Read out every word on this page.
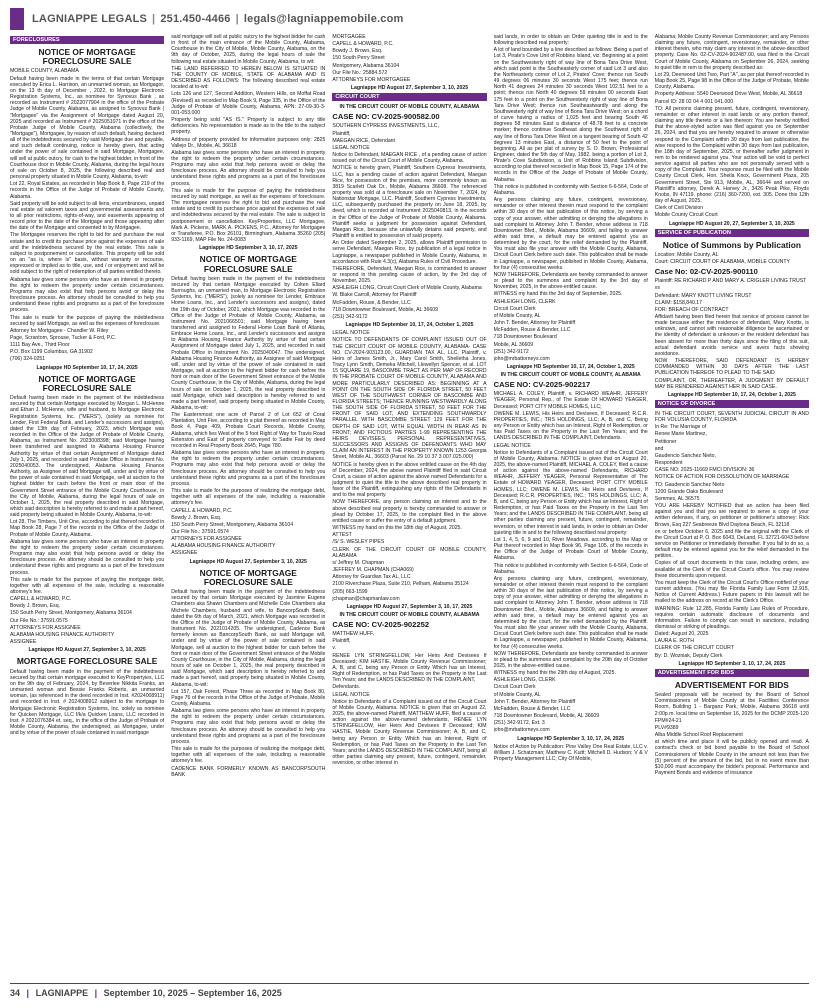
LAGNIAPPE LEGALS | 251.450-4466 | legals@lagniappemobile.com
FORECLOSURES
NOTICE OF MORTGAGE FORECLOSURE SALE

MOBILE COUNTY, ALABAMA

Default having been made in the terms of that certain Mortgage executed by Erica L. Harrison, an unmarried woman, as Mortgagor, on the 13 th day of December , 2022, to Mortgage Electronic Registration Systems, Inc., as nominee for Synovus Bank , as recorded as Instrument # 2022077904 in the office of the Probate Judge of Mobile County, Alabama, as assigned to Synovus Bank ( "Mortgagee" via the Assignment of Mortgage dated August 20, 2025 and recorded as Instrument # 2025051071 in the office of the Probate Judge of Mobile County, Alabama (collectively, the "Mortgage"), Mortgagee, by reason of such default, having declared all of the indebtedness secured by said Mortgage due and payable, and such default continuing, notice is hereby given, that acting under the power of sale contained in said Mortgage, Mortgagee, will sell at public outcry, for cash to the highest bidder, in front of the Courthouse door in Mobile County, Alabama, during the legal hours of sale on October 8, 2025, the following described real and personal property situated in Mobile County, Alabama, to-wit:

Lot 22, Royal Estates, as recorded in Map Book 8, Page 219 of the records in the Office of the Judge of Probate of Mobile County, Alabama.

Said property will be sold subject to all liens, encumbrances, unpaid real estate ad valorem taxes and governmental assessments and to all prior restrictions, rights-of-way, and easements appearing of record prior to the date of the Mortgage and those appearing after the date of the Mortgage and consented to by Mortgagee.

The Mortgagee reserves the right to bid for and purchase the real estate and to credit its purchase price against the expenses of sale and the indebtedness secured by the real estate. This sale is subject to postponement or cancellation. This property will be sold on an "as is, where is" basis, without warranty or recourse, expressed or implied as to title, use, and / or enjoyment and will be sold subject to the right of redemption of all parties entitled thereto.

Alabama law gives some persons who have an interest in property the right to redeem the property under certain circumstances. Programs may also exist that help persons avoid or delay the foreclosure process. An attorney should be consulted to help you understand these rights and programs as a part of the foreclosure process.

This sale is made for the purpose of paying the indebtedness secured by said Mortgage, as well as the expenses of foreclosure.

Attorney for Mortgagee - Chandler W. Riley

Page, Scrantom, Sprouse, Tucker & Ford, P.C.

1111 Bay Ave., Third Floor

P.O. Box 1199 Columbus, GA 31902

(706) 324-0251

Lagniappe HD September 10, 17, 24, 2025
NOTICE OF MORTGAGE FORECLOSURE SALE

Default having been made in the payment of the indebtedness secured by that certain Mortgage executed by Morgan L. McHenne and Ethan J. McHenne, wife and husband, to Mortgage Electronic Registration Systems, Inc. ("MERS"), (solely as nominee for Lender, First Federal Bank, and Lender's successors and assigns), dated the 13th day of February, 2023, which Mortgage was recorded in the Office of the Judge of Probate of Mobile County, Alabama, as Instrument No. 2023008398; said Mortgage having been transferred and assigned to Alabama Housing Finance Authority by virtue of that certain Assignment of Mortgage dated July 1, 2025, and recorded in said Probate Office in Instrument No. 2025040053. The undersigned, Alabama Housing Finance Authority, as Assignee of said Mortgage will, under and by virtue of the power of sale contained in said Mortgage, sell at auction to the highest bidder for cash before the front or main door of the Government Street entrance of the Mobile County Courthouse, in the City of Mobile, Alabama, during the legal hours of sale on October 1, 2025, the real property described in said Mortgage, which said description is hereby referred to and made a part hereof, said property being situated in Mobile County, Alabama, to-wit:

Lot 28, The Timbers, Unit One, according to plat thereof recorded in Map Book 28, Page 7 of the records in the Office of the Judge of Probate of Mobile County, Alabama.

Alabama law gives some persons who have an interest in property the right to redeem the property under certain circumstances. Programs may also exist that help persons avoid or delay the foreclosure process. An attorney should be consulted to help you understand these rights and programs as a part of the foreclosure process.

This sale is made for the purpose of paying the mortgage debt, together with all expenses of the sale, including a reasonable attorney's fee.

CAPELL & HOWARD, P.C.

Bowdy J. Brown, Esq.

150 South Perry Street, Montgomery, Alabama 36104

Our File No.: 37591.0575

ATTORNEYS FOR ASSIGNEE

ALABAMA HOUSING FINANCE AUTHORITY

ASSIGNEE

Lagniappe HD August 27, September 3, 10, 2025
MORTGAGE FORECLOSURE SALE

Default having been made in the payment of the indebtedness secured by that certain mortgage executed to KeyPropertyies, LLC on the 9th day of February, 2024, by Beverlee Nikkita Franks, an unmarried woman and Bessie Franks Roberts, an unmarried woman, (as referenced in the deed recorded in Inst. #2024008911) and recorded in Inst. # 2024008912 subject to the mortgage to Mortgage Electronic Registration Systems, Inc. solely as nominee for Quicken Mortgage, LLC f/k/a Quicken Loans, LLC recorded in Inst. # 2021076384 et. seq., in the office of the Judge of Probate of Mobile County, Alabama, the undersigned, as Mortgagee, under and by virtue of the power of sale contained in said mortgage

said mortgage will sell at public outcry to the highest bidder for cash in front of the main entrance of the Mobile County, Alabama, Courthouse in the City of Mobile, Mobile County, Alabama, on the 9th day of October, 2025, during the legal hours of sale the following real estate situated in Mobile County, Alabama, to wit:

THE LAND REFERRED TO HEREIN BELOW IS SITUATED IN THE COUNTY OF MOBILE, STATE OF ALABAMA AND IS DESCRIBED AS FOLLOWS: The following described real estate located at to-wit:

Lots 126 and 127, Second Addition, Western Hills, on Moffat Road (Revised) as recorded in Map Book 9, Page 335, in the Office of the Judge of Probate of Mobile County, Alabama. APN: 27-09-30-3-001-053.000

Property being sold "AS IS." Property is subject to any title deficiencies. No representation is made as to the title to the subject property.

Address of property provided for information purposes only: 2825 Vallejo Dr., Mobile, AL 36618

Alabama law gives some persons who have an interest in property the right to redeem the property under certain circumstances. Programs may also exist that help persons avoid or delay the foreclosure process. An attorney should be consulted to help you understand these rights and programs as a part of the foreclosure process.

This sale is made for the purpose of paying the indebtedness secured by said mortgage, as well as the expenses of foreclosure. The mortgagee reserves the right to bid and purchase the real estate and to credit its purchase price against the expenses of sale and indebtedness secured by the real estate. The sale is subject to postponement or cancellation. KeyProperties, LLC Mortgagee, Mark A. Pickens, MARK A. PICKENS, P.C., Attorney for Mortgagee or Transferee, P.O. Box 26101, Birmingham, Alabama 35260 (205) 933-1169, MAP File No. 24-0083

Lagniappe HD September 3, 10, 17, 2025
NOTICE OF MORTGAGE FORECLOSURE SALE

Default having been made in the payment of the indebtedness secured by that certain Mortgage executed by Colten Ellard Burroughs, an unmarried man, to Mortgage Electronic Registration Systems, Inc. ("MERS"), (solely as nominee for Lender, Embrace Home Loans, Inc., and Lender's successors and assigns), dated the 19th day of October, 2021, which Mortgage was recorded in the Office of the Judge of Probate of Mobile County, Alabama, as Instrument No. 2021066501; said Mortgage having been transferred and assigned to Federal Home Loan Bank of Atlanta, Embrace Home Loans, Inc., and Lender's successors and assigns to Alabama Housing Finance Authority by virtue of that certain Assignment of Mortgage dated July 1, 2025, and recorded in said Probate Office in Instrument No. 2025040047. The undersigned, Alabama Housing Finance Authority, as Assignee of said Mortgage will, under and by virtue of the power of sale contained in said Mortgage, sell at auction to the highest bidder for cash before the front or main door of the Government Street entrance of the Mobile County Courthouse, in the City of Mobile, Alabama, during the legal hours of sale on October 1, 2025, the real property described in said Mortgage, which said description is hereby referred to and made a part hereof, said property being situated in Mobile County, Alabama, to-wit:

The Easternmost one acre of Parcel 2 of Lot 652 of Coral Plantation, Unit Five, according to a plat thereof as recorded in Map Book 4, Page 409, Probate Court Records, Mobile County, Alabama, which lies West of the 5 foot Right of Way for Travis Road Extension and East of property conveyed to Sadie Fair by deed recorded in Real Property Book 2645, Page 780.

Alabama law gives some persons who have an interest in property the right to redeem the property under certain circumstances. Programs may also exist that help persons avoid or delay the foreclosure process. An attorney should be consulted to help you understand these rights and programs as a part of the foreclosure process.

This sale is made for the purposes of realizing the mortgage debt, together with all expenses of the sale, including a reasonable attorney's fee.

CAPELL & HOWARD, P.C.

Bowdy J. Brown, Esq.

150 South Perry Street, Montgomery, Alabama 36104

Our File No.: 37591.0574

ATTORNEYS FOR ASSIGNEE

ALABAMA HOUSING FINANCE AUTHORITY

ASSIGNEE

Lagniappe HD August 27, September 3, 10, 2025
NOTICE OF MORTGAGE FORECLOSURE SALE

Default having been made in the payment of the indebtedness secured by that certain Mortgage executed by Jasmine Eugene Chambers aka Shawn Chambers and Michelle Cole Chambers aka Michele Chambers, husband and wife, to BancorpSouth Bank, dated the 6th day of March, 2021, which Mortgage was recorded in the Office of the Judge of Probate of Mobile County, Alabama, as Instrument No. 2021014205. The undersigned, Cadence Bank formerly known as BancorpSouth Bank, as said Mortgage will, under and by virtue of the power of sale contained in said Mortgage, sell at auction to the highest bidder for cash before the front or main door of the Government Street entrance of the Mobile County Courthouse, in the City of Mobile, Alabama, during the legal hours of sale on October 1, 2025, the real property described in said Mortgage, which said description is hereby referred to and made a part hereof, said property being situated in Mobile County, Alabama, to-wit:

Lot 157, Oak Forest, Phase Three as recorded in Map Book 80, Page 76 of the records in the Office of the Judge of Probate, Mobile County, Alabama.

Alabama law gives some persons who have an interest in property the right to redeem the property under certain circumstances. Programs may also exist that help persons avoid or delay the foreclosure process. An attorney should be consulted to help you understand these rights and programs as a part of the foreclosure process.

This sale is made for the purposes of realizing the mortgage debt, together with all expenses of the sale, including a reasonable attorney's fee.

CADENCE BANK FORMERLY KNOWN AS BANCORPSOUTH BANK

MORTGAGEE

CAPELL & HOWARD, P.C.

Bowdy J. Brown, Esq.

150 South Perry Street

Montgomery, Alabama 36104

Our File No.: 25884.572

ATTORNEYS FOR MORTGAGEE

Lagniappe HD August 27, September 3, 10, 2025
CIRCUIT COURT
IN THE CIRCUIT COURT OF MOBILE COUNTY, ALABAMA
CASE NO: CV-2025-900582.00

SOUTHERN CYPRESS INVESTMENTS, LLC,

Plaintiff,

MAEGAN RICE, Defendant

LEGAL NOTICE

Notice to Defendant, MAEGAN RICE , of a pending cause of action issued out of the Circuit Court of Mobile County, Alabama.

NOTICE is hereby given, Plaintiff, Southern Cypress Investments, LLC, has a pending cause of action against Defendant, Maegan Rice, for possession of the premises, more commonly known as 3819 Scarlett Oak Dr., Mobile, Alabama 36608. The referenced property was sold at a foreclosure sale on November 7, 2024, by Nationstar Mortgage, LLC. Plaintiff, Southern Cypress Investments, LLC, subsequently purchased the property on June 18, 2025, by deed, which is recorded at Instrument 2025040813, in the records in the Office of the Judge of Probate of Mobile County, Alabama. Plaintiff seeks a judgment for possession against Defendant, Maegan Rice, because she unlawfully detains said property, and Plaintiff is entitled to possession of said property.

An Order dated September 2, 2025, allows Plaintiff permission to serve Defendant, Maegan Rice, by publication of a legal notice in Lagniappe, a newspaper published in Mobile County, Alabama, in accordance with Rule 4.3(c), Alabama Rules of Civil Procedure.

THEREFORE, Defendant, Maegan Rice, is commanded to answer or respond in this pending cause of action, by the 3rd day of November, 2025.

ASHLEIGH LONG, Circuit Court Clerk of Mobile County, Alabama

W. Blake Carroll, Attorney for Plaintiff

McFadden, Rouse, & Bender, LLC

718 Downtowner Boulevard, Mobile, AL 36609

(251) 342-9172

Lagniappe HD September 10, 17, 24, October 1, 2025

LEGAL NOTICE

NOTICE TO DEFENDANTS OF COMPLAINT ISSUED OUT OF THE CIRCUIT COURT OF MOBILE COUNTY, ALABAMA- CASE NO. CV-2024-903123.00, GUARDIAN TAX AL, LLC, Plaintiff, v. Heirs of James Smith, Jr., Mary Carol Smith, Shelletha Jones, Tracy Lynn Smith, Demeka Mitchell, Llewellyn Spencer, et al. LOT 15 SQUARE 19, BASCOMBE TRACT AS PER MAP OF RECORD IN THE PROBATE COURT OF MOBILE COUNTY, ALABAMA AND MORE PARTICULARLY DESCRIBED AS: BEGINNING AT A POINT ON THE SOUTH SIDE OF FLORIDA STREET, 50 FEET WEST OF THE SOUTHWEST CORNER OF BASCOMBE AND FLORIDA STREETS; THENCE RUNNING WESTWARDLY ALONG THE SOUTH SIDE OF FLORIDA STREET, 50 FEET FOR THE FRONT OF SAID LOT, AND EXTENDING SOUTHWARDLY PARALLEL WITH BASCOMBE STREET 129 FEET FOR THE DEPTH OF SAID LOT, WITH EQUAL WIDTH IN REAR AS IN FRONT; AND FICTIOUS PARTIES 1-99 REPRESENTING THE HEIRS DEVISEES, PERSONAL REPRESENTATIVES, SUCCESSORS AND ASSIGNS OF DEFENDANTS WHO MAY CLAIM AN INTEREST IN THE PROPERTY KNOWN 1253 Georgia Street, Mobile AL, 36603 (Parcel No. 29 10 37 3 007.025.000)

NOTICE is hereby given in the above entitled cause on the 4th day of December, 2024, the above named Plaintiff filed in said Circuit Court, a cause of action against the above named Defendants for a judgment to quiet the title to the above described real property in favor of the Plaintiff, extinguishing any rights of the Defendants in and to the real property.

NOW THEREFORE, any person claiming an interest and to the above described real property is hereby commanded to answer or plead by October 17, 2025, to the complaint filed in the above entitled cause or suffer the entry of a default judgment.

WITNESS my hand on this the 18th day of August, 2025.

ATTEST

/S/ S. WESLEY PIPES

CLERK OF THE CIRCUIT COURT OF MOBILE COUNTY, ALABAMA

s/ Jeffrey M. Chapman

JEFFREY M. CHAPMAN (CHA069)

Attorney for Guardian Tax AL, LLC

2100 Riverchase Plaza, Suite 210, Pelham, Alabama 35124

(205) 663-1599

jchapman@chapmanlaw.com

Lagniappe HD August 27, September 3, 10, 17, 2025
IN THE CIRCUIT COURT OF MOBILE COUNTY, ALABAMA
CASE NO: CV-2025-902252

MATTHEW HUFF,

Plaintiff,

v.

RENEE LYN STRINGFELLOW, Her Heirs And Devisees If Deceased; KIM HASTIE, Mobile County Revenue Commissioner; A, B, and C, being any Person or Entity Which has an Interest, Right of Redemption, or has Paid Taxes on the Property in the Last Ten Years; and the LANDS DESCRIBED IN THE COMPLAINT,

Defendants.

LEGAL NOTICE

Notice to Defendants of a Complaint issued out of the Circuit Court of Mobile County, Alabama. NOTICE is given that on August 22, 2025, the above-named Plaintiff, MATTHEW HUFF, filed a cause of action against the above-named defendants, RENEE LYN STRINGFELLOW, Her Heirs And Devisees If Deceased; KIM HASTIE, Mobile County Revenue Commissioner; A, B, and C, being any Person or Entity Which has an Interest, Right of Redemption, or has Paid Taxes on the Property in the Last Ten Years; and the LANDS DESCRIBED IN THE COMPLAINT, being all other parties claiming any present, future, contingent, remainder, reversion, or other interest in

said lands, in order to obtain an Order quieting title in and to the following described real property:

A lot of land bounded by a line described as follows: Being a part of Lot 3, Pirate's Cove Unit of Robbins Island, viz: Beginning at a point on the Southwesterly right of way line of Bona Tara Drive West, which said point is the Southeasterly corner of said Lot 3 and also the Northeasterly corner of Lot 2, Pirates' Cove; thence run South 49 degrees 06 minutes 30 seconds West 175 feet; thence run North 41 degrees 24 minutes 30 seconds West 102.51 feet to a point; thence run North 40 degrees 59 minutes 00 seconds East 175 feet to a point on the Southwesterly right of way line of Bona Tara Drive West; thence run Southeastwardly and along the Southwesterly right of way line of Bona Tara Drive West; on a chord of curve having a radius of 1,025 feet and bearing South 46 degrees 58 minutes East a distance of 48.78 feet to a concrete marker; thence continue Southeast along the Southwest right of way line of Bona Tara Drive West on a tangent bearing of South 42 degrees 13 minutes East, a distance of 50 feet to the point of beginning. All as per plat of survey by S. O. Brown, Professional Engineer, dated the 5th day of May, 1982, being a portion of Lot 3, Pirate's Cove Subdivision, a Unit of Robbins Island Subdivision, according to plat thereof recorded in Map Book 15, Page 174 of the records in the Office of the Judge of Probate of Mobile County, Alabama.

This notice is published in conformity with Section 6-6-564, Code of Alabama.

Any persons claiming any future, contingent, reversionary, remainder or other interest therein must respond to the complaint within 30 days of the last publication of this notice, by serving a copy of your answer, either admitting or denying the allegations in said complaint to Attorney John T. Bender, whose address is 718 Downtowner Blvd., Mobile, Alabama 36609, and failing to answer within said time, a default may be entered against you as determined by the court, for the relief demanded by the Plaintiff. You must also file your answer with the Mobile County, Alabama, Circuit Court Clerk before such date. This publication shall be made in Lagniappe, a newspaper, published in Mobile County, Alabama, for four (4) consecutive weeks.

NOW THEREFORE, Defendants are hereby commanded to answer or plead to the summons and complaint by the 3rd day of November, 2025, in the above-entitled cause.

WITNESS my hand this the 3rd day of September, 2025.

ASHLEIGH LONG, CLERK

Circuit Court Clerk

of Mobile County, AL

John T. Bender, Attorney for Plaintiff

McFadden, Rouse & Bender, LLC

718 Downtowner Boulevard

Mobile, AL 36609

(251) 342-9172

john@mrbattorneys.com

Lagniappe HD September 10, 17, 24, October 1, 2025
IN THE CIRCUIT COURT OF MOBILE COUNTY, ALABAMA
CASE NO: CV-2025-902217

MICHAEL A. COLEY, Plaintiff, v. RICHARD WEAHR, JEFFERY YEAGER, Personal Rep., of The Estate Of HOWARD YEAGER, Deceased; PORT CITY MOBILE HOMES, LLC;

OWENE M. LEWIS, His Heirs and Devisees, If Deceased; R.C.R. PROPERTIES, INC.; TRS HOLDINGS, LLC; A, B, and C, Being any Person or Entity which has an Interest, Right of Redemption, or has Paid Taxes on the Property in the Last Ten Years; and the LANDS DESCRIBED IN THE COMPLAINT, Defendants.

LEGAL NOTICE

Notice to Defendants of a Complaint issued out of the Circuit Court of Mobile County, Alabama. NOTICE is given that on August 20, 2025, the above-named Plaintiff, MICHAEL A. COLEY, filed a cause of action against the above-named Defendants, RICHARD WEAHR, JEFFERY YEAGER, Personal Representative of The Estate of HOWARD YEAGER, Deceased; PORT CITY MOBILE HOMES, LLC; OWENE M. LEWIS, His Heirs and Devisees, If Deceased; R.C.R. PROPERTIES, INC.; TRS HOLDINGS, LLC; A, B, and C, being any Person or Entity which has an Interest, Right of Redemption, or has Paid Taxes on the Property in the Last Ten Years; and the LANDS DESCRIBED IN THE COMPLAINT, being all other parties claiming any present, future, contingent, remainder, reversion, or other interest in said lands, in order to obtain an Order quieting title in and to the following described real property:

Lot 1, 4, 5, 6, 9 and 10, River Meadows, according to the Map or Plat thereof recorded in Map Book 96, Page 105, of the records in the Office of the Judge of Probate Court of Mobile County, Alabama.

This notice is published in conformity with Section 6-6-564, Code of Alabama.

Any persons claiming any future, contingent, reversionary, remainder or other interest therein must respond to the complaint within 30 days of the last publication of this notice, by serving a copy of your answer, either admitting or denying the allegations in said complaint to Attorney John T. Bender, whose address is 718 Downtowner Blvd., Mobile, Alabama 36609, and failing to answer within said time, a default may be entered against you as determined by the court, for the relief demanded by the Plaintiff. You must also file your answer with the Mobile County, Alabama, Circuit Court Clerk before such date. This publication shall be made in Lagniappe, a newspaper, published in Mobile County, Alabama, for four (4) consecutive weeks.

NOW THEREFORE, Defendants are hereby commanded to answer or plead to the summons and complaint by the 20th day of October 2025, in the above-entitled cause.

WITNESS my hand this the 29th day of August, 2025.

ASHLEIGH LONG, CLERK

Circuit Court Clerk

of Mobile County, AL

John T. Bender, Attorney for Plaintiff

McFadden, Rouse & Bender, LLC

718 Downtowner Boulevard, Mobile, AL 36609

(251) 342-9172, Ext. 3

john@mrbattorneys.com

Lagniappe HD September 3, 10, 17, 24, 2025

Notice of Action by Publication: Pine Valley One Real Estate, LLC v. William J. Schatzman; Matthew C. Kuitt; Mitchell D. Hudson; V & V Property Management LLC; City Of Mobile,

Alabama; Mobile County Revenue Commissioner; and any Persons claiming any future, contingent, reversionary, remainder, or other interest therein, who may claim any interest in the above-described property. Case No. 02-CV-2024-902487.00, was filed in the Circuit Court of Mobile County, Alabama on September 26, 2024, seeking to quiet title in rem to the property described as:

Lot 29, Deerwood Unit Two, Part "A", as per plat thereof recorded in Map Book 25, Page 98 in the Office of the Judge of Probate, Mobile County, Alabama.

Property Address: 5540 Deerwood Drive West, Mobile, AL 36618

Parcel ID: 28 02 04 4 001 041.000

TO: All persons claiming present, future, contingent, reversionary, remainder or other interest in said lands or any portion thereof, claiming any title thereto or a lien thereon: You are hereby notified that the above-styled action was filed against you on September 26, 2024, and that you are hereby required to answer or otherwise respond to the Complaint within 30 days from last publication, the wise respond to the Complaint within 30 days from last publication, the 18th day of September, 2025, or thereafter suffer judgment in rem to be rendered against you. Your action will be void to perfect service against all parties who are not personally served with a copy of the Complaint. Your response must be filed with the Mobile County Circuit Clerk, Hon. Sheila Knox, Government Plaza, 205 Government Street, Ste 913, Mobile, AL, 36644 and served on Plaintiff's attorney, Derek A. Harvey Jr., 3426 Peak Pike, Floyds Knobs, IN 47119, phone: (216) 360-7200, ext. 305. Done this 12th day of August, 2025.

Clerk of Civil Division

Mobile County Circuit Court

Lagniappe HD August 20, 27, September 3, 10, 2025
SERVICE OF PUBLICATION
Notice of Summons by Publication

Location: Mobile County, AL

Court: CIRCUIT COURT OF ALABAMA, MOBILE COUNTY

Case No: 02-CV-2025-900110

Plaintiff: RE RICHARD P AND MARY A. CRIGLER LIVING TRUST

vs

Defendant: MARY KNOTT LIVING TRUST

CLAIM: $158,840.17

FOR: BREACH OF CONTRACT

Affidavit having been filed herein that service of process cannot be made because either the residence of defendant, Mary Knotts, is unknown, and cannot with reasonable diligence be ascertained or the identity of defendant is unknown or the resident defendant has been absent for more than thirty days since the filing of this suit, actual defendant avoids service and avers facts showing avoidance.

NOW THEREFORE, SAID DEFENDANT IS HEREBY COMMANDED WITHIN 30 DAYS AFTER THE LAST PUBLICATION THEREOF TO PLEAD TO THE SAID

COMPLAINT, OR, THEREAFTER, A JUDGMENT BY DEFAULT MAY BE RENDERED AGAINST HER IN SAID CASE.

Lagniappe HD September 10, 17, 24, October 1, 2025
NOTICE OF DIVORCE

IN THE CIRCUIT COURT, SEVENTH JUDICIAL CIRCUIT IN AND FOR VOLUSIA COUNTY, FLORIDA

In Re: The Marriage of

Renee Marie Martinez,

Petitioner

and

Gaudencio Sanchez Nieto,

Respondent

CASE NO: 2025-11669 FMCI DIVISION: 36

NOTICE OF ACTION FOR DISSOLUTION OF MARRIAGE

TO: Gaudencio Sanchez Nieto

1200 Grande Oaks Boulevard

Semmes, AL 36575

YOU ARE HEREBY NOTIFIED that an action has been filed against you and that you are required to serve a copy of your written defenses, if any, on petitioner or petitioner's attorney: Rick Brown, Esq 227 Seabreeze Blvd Daytona Beach, FL 32118

on or before October 6, 2025 and file the original with the Clerk of the Circuit Court at P. O. Box 6043, DeLand, FL 32721-6043 before service on Petitioner or immediately thereafter. If you fail to do so, a default may be entered against you for the relief demanded in the petition.

Copies of all court documents in this case, including orders, are available at the Clerk of the Circuit Court's office. You may review these documents upon request.

You must keep the Clerk of the Circuit Court's Office notified of your current address. (You may file Florida Family Law Form 12.915, Notice of Current Address.) Future papers in this lawsuit will be mailed to the address on record at the Clerk's Office.

WARNING: Rule 12.285, Florida Family Law Rules of Procedure, requires certain automatic disclosure of documents and information. Failure to comply can result in sanctions, including dismissal or striking of pleadings.

Dated: August 20, 2025

LAURA E. ROTH

CLERK OF THE CIRCUIT COURT

By: D. Wozniak, Deputy Clerk

Lagniappe HD September 3, 10, 17, 24, 2025
ADVERTISEMENT FOR BIDS
ADVERTISEMENT FOR BIDS

Sealed proposals will be received by the Board of School Commissioners of Mobile County at the Facilities Conference Room, Building 1 - Barganz Park, Mobile, Alabama 36618 until 2:00p.m. local time on September 16, 2025 for the DCMP 2025-120

FPM#24-21

PLV#9389

Alba Middle School Roof Replacement

at which time and place it will be publicly opened and read. A contract's check or bid bond payable to the Board of School Commissioners of Mobile County in the amount not less than five (5) percent of the amount of the bid, but in no event more than $10,000 must accompany the bidder's proposal. Performance and Payment Bonds and evidence of insurance

34 | LAGNIAPPE | September 10, 2025 – September 16, 2025
